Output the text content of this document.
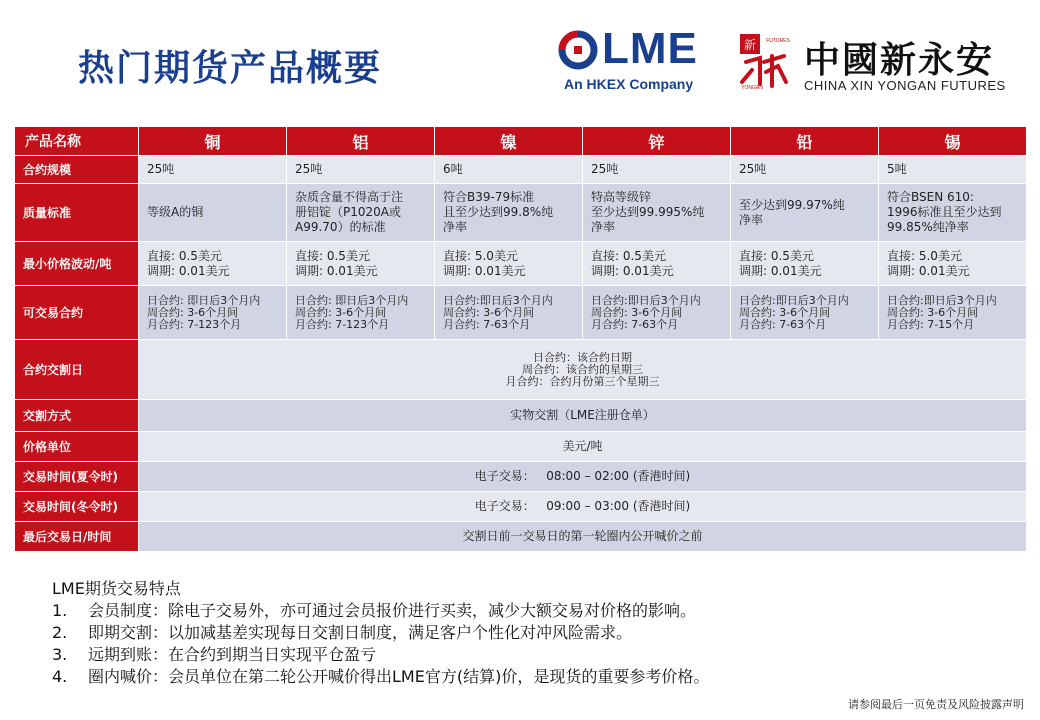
热门期货产品概要	LME
An HKEX Company
新 FUTURES
YONGAN
中國新永安
CHINA XIN YONGAN FUTURES
产品名称	铜	铝	镍	锌	铅	锡
合约规模	25吨	25吨	6吨	25吨	25吨	5吨
质量标准	等级A的铜	杂质含量不得高于注
册铝锭（P1020A或
A99.70）的标准	符合B39-79标准
且至少达到99.8%纯
净率	特高等级锌
至少达到99.995%纯
净率	至少达到99.97%纯
净率	符合BSEN 610:
1996标准且至少达到
99.85%纯净率

最小价格波动/吨	直接: 0.5美元
调期: 0.01美元	直接: 0.5美元
调期: 0.01美元	直接: 5.0美元
调期: 0.01美元	直接: 0.5美元
调期: 0.01美元	直接: 0.5美元
调期: 0.01美元	直接: 5.0美元
调期: 0.01美元

可交易合约	日合约: 即日后3个月内
周合约: 3-6个月间
月合约: 7-123个月	日合约: 即日后3个月内
周合约: 3-6个月间
月合约: 7-123个月	日合约:即日后3个月内
周合约: 3-6个月间
月合约: 7-63个月	日合约:即日后3个月内
周合约: 3-6个月间
月合约: 7-63个月	日合约:即日后3个月内
周合约: 3-6个月间
月合约: 7-63个月	日合约:即日后3个月内
周合约: 3-6个月间
月合约: 7-15个月

合约交割日	日合约：该合约日期
周合约：该合约的星期三
月合约：合约月份第三个星期三					

交割方式	实物交割（LME注册仓单）					
价格单位	美元/吨					
交易时间(夏令时)	电子交易：   08:00 – 02:00 (香港时间)					
交易时间(冬令时)	电子交易：   09:00 – 03:00 (香港时间)					
最后交易日/时间	交割日前一交易日的第一轮圈内公开喊价之前					
LME期货交易特点
1.	会员制度：除电子交易外，亦可通过会员报价进行买卖，减少大额交易对价格的影响。
2.	即期交割：以加减基差实现每日交割日制度，满足客户个性化对冲风险需求。
3.	远期到账：在合约到期当日实现平仓盈亏
4.	圈内喊价：会员单位在第二轮公开喊价得出LME官方(结算)价，是现货的重要参考价格。
请参阅最后一页免责及风险披露声明
